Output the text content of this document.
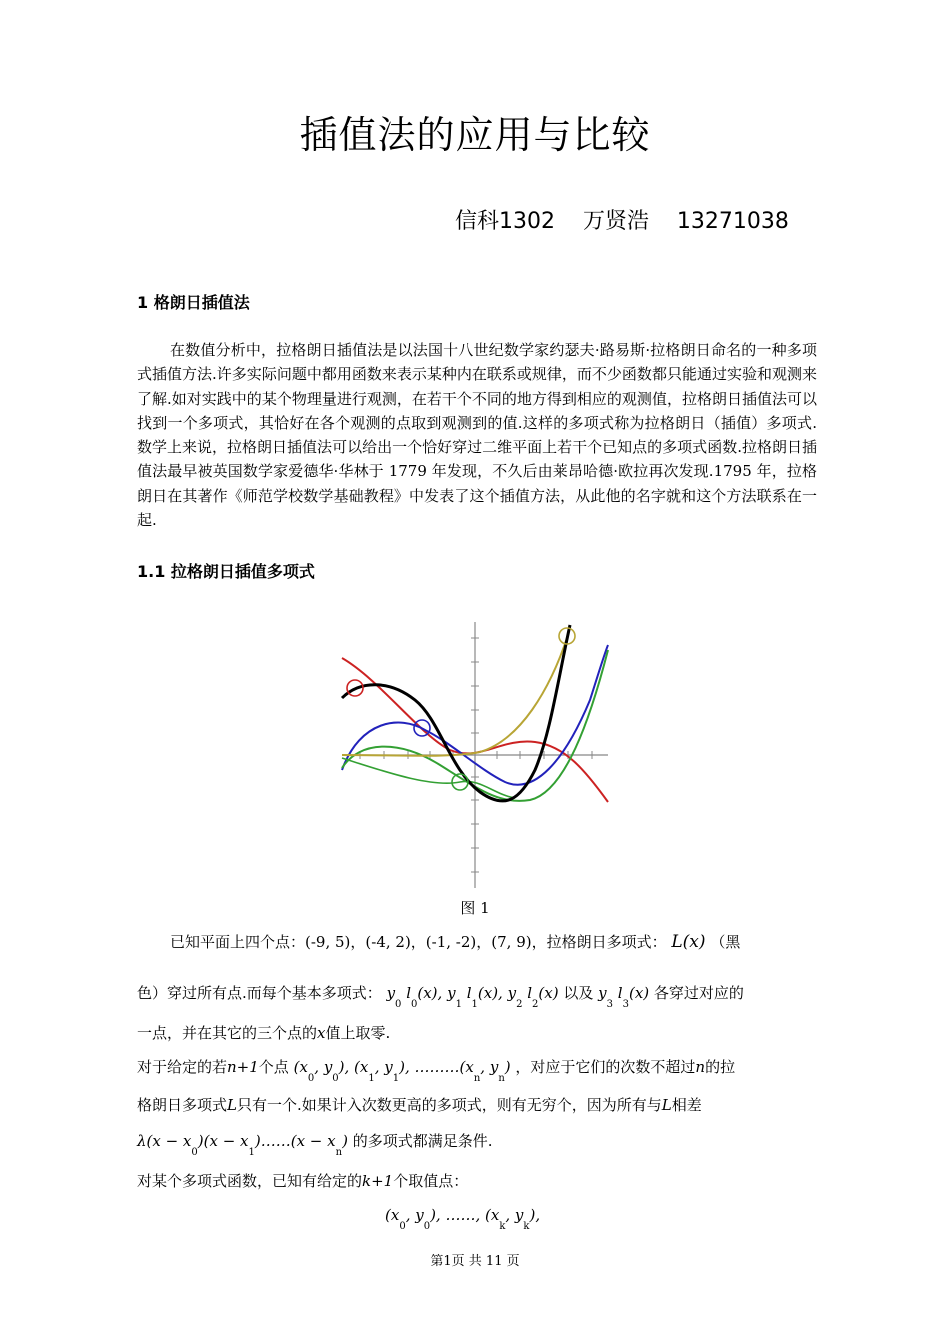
插值法的应用与比较
信科1302    万贤浩    13271038
1 格朗日插值法
在数值分析中，拉格朗日插值法是以法国十八世纪数学家约瑟夫·路易斯·拉格朗日命名的一种多项式插值方法.许多实际问题中都用函数来表示某种内在联系或规律，而不少函数都只能通过实验和观测来了解.如对实践中的某个物理量进行观测，在若干个不同的地方得到相应的观测值，拉格朗日插值法可以找到一个多项式，其恰好在各个观测的点取到观测到的值.这样的多项式称为拉格朗日（插值）多项式.数学上来说，拉格朗日插值法可以给出一个恰好穿过二维平面上若干个已知点的多项式函数.拉格朗日插值法最早被英国数学家爱德华·华林于 1779 年发现，不久后由莱昂哈德·欧拉再次发现.1795 年，拉格朗日在其著作《师范学校数学基础教程》中发表了这个插值方法，从此他的名字就和这个方法联系在一起.
1.1 拉格朗日插值多项式
图 1
已知平面上四个点：(-9, 5)，(-4, 2)，(-1, -2)，(7, 9)，拉格朗日多项式： L(x) （黑
色）穿过所有点.而每个基本多项式： $y_0$ $l_0(x)$, $y_1$ $l_1(x)$, $y_2$ $l_2(x)$ 以及 $y_3$ $l_3(x)$ 各穿过对应的
一点，并在其它的三个点的x值上取零.
对于给定的若n+1个点 ($x_0$, $y_0$), ($x_1$, $y_1$), $\dots\dots\dots(x_n$, $y_n$) ，对应于它们的次数不超过n的拉
格朗日多项式L只有一个.如果计入次数更高的多项式，则有无穷个，因为所有与L相差
$\lambda(x - x_0)(x$ − $x_1)\dots\dots(x - x_n)$ 的多项式都满足条件.
对某个多项式函数，已知有给定的k+1个取值点：
($x_0$, $y_0$), ……, ($x_k$, $y_k$),
第1页 共 11 页
